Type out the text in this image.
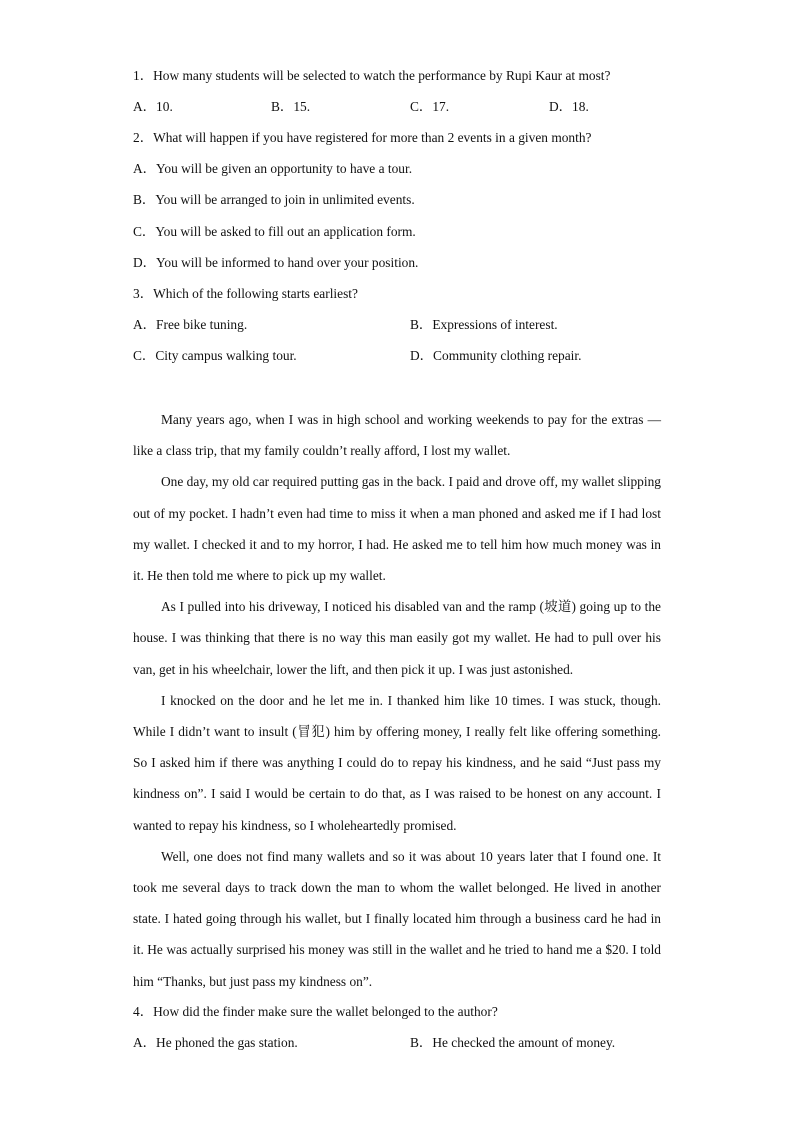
1．How many students will be selected to watch the performance by Rupi Kaur at most?
A．10.	B．15.	C．17.	D．18.
2．What will happen if you have registered for more than 2 events in a given month?
A．You will be given an opportunity to have a tour.
B．You will be arranged to join in unlimited events.
C．You will be asked to fill out an application form.
D．You will be informed to hand over your position.
3．Which of the following starts earliest?
A．Free bike tuning.	B．Expressions of interest.
C．City campus walking tour.	D．Community clothing repair.

Many years ago, when I was in high school and working weekends to pay for the extras — like a class trip, that my family couldn’t really afford, I lost my wallet.

One day, my old car required putting gas in the back. I paid and drove off, my wallet slipping out of my pocket. I hadn’t even had time to miss it when a man phoned and asked me if I had lost my wallet. I checked it and to my horror, I had. He asked me to tell him how much money was in it. He then told me where to pick up my wallet.

As I pulled into his driveway, I noticed his disabled van and the ramp (坡道) going up to the house. I was thinking that there is no way this man easily got my wallet. He had to pull over his van, get in his wheelchair, lower the lift, and then pick it up. I was just astonished.

I knocked on the door and he let me in. I thanked him like 10 times. I was stuck, though. While I didn’t want to insult (冒犯) him by offering money, I really felt like offering something. So I asked him if there was anything I could do to repay his kindness, and he said “Just pass my kindness on”. I said I would be certain to do that, as I was raised to be honest on any account. I wanted to repay his kindness, so I wholeheartedly promised.

Well, one does not find many wallets and so it was about 10 years later that I found one. It took me several days to track down the man to whom the wallet belonged. He lived in another state. I hated going through his wallet, but I finally located him through a business card he had in it. He was actually surprised his money was still in the wallet and he tried to hand me a $20. I told him “Thanks, but just pass my kindness on”.

4．How did the finder make sure the wallet belonged to the author?
A．He phoned the gas station.	B．He checked the amount of money.
